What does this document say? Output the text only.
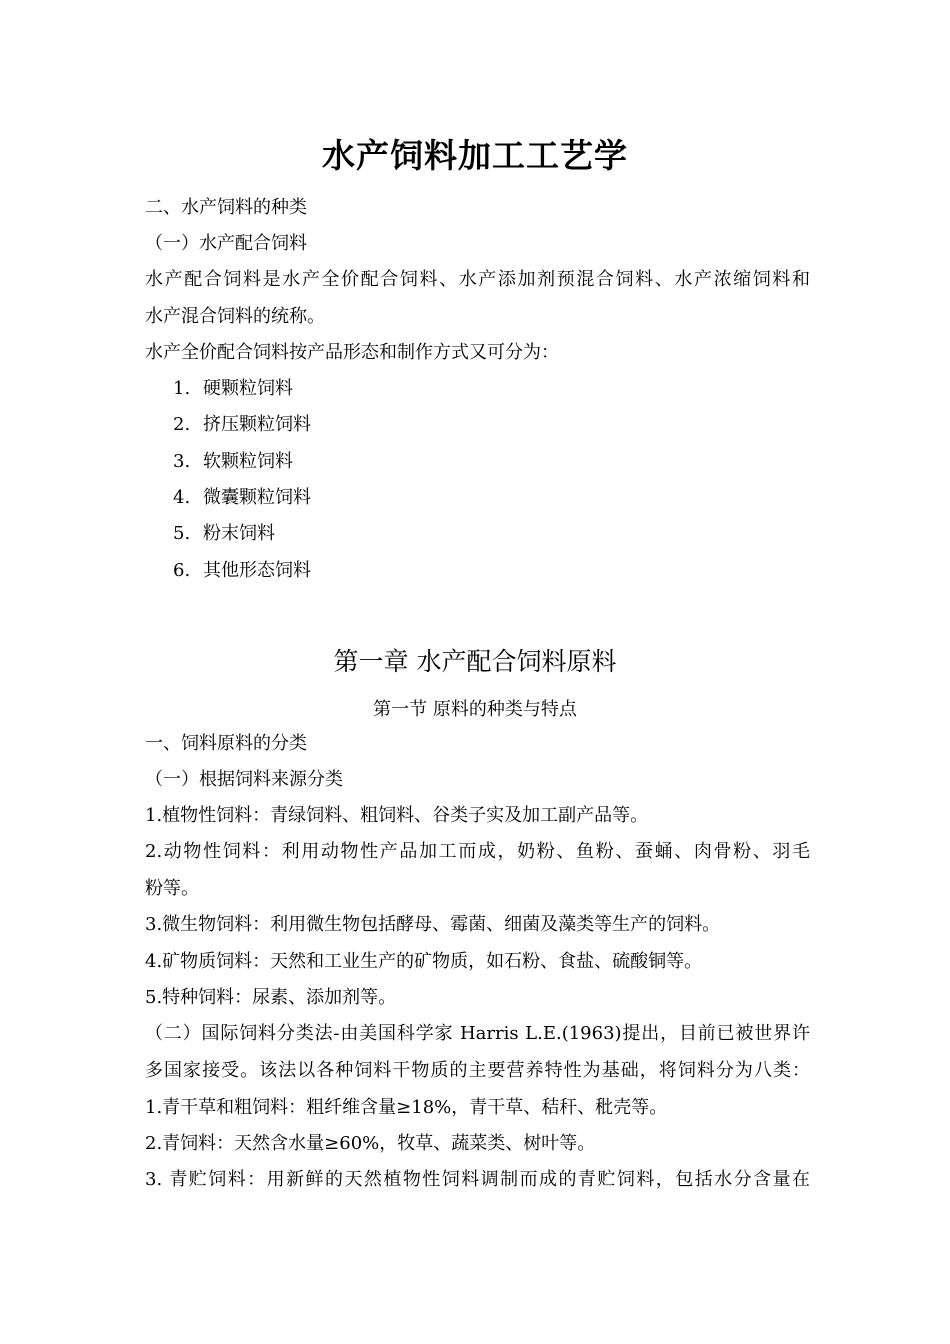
水产饲料加工工艺学
二、水产饲料的种类
（一）水产配合饲料
水产配合饲料是水产全价配合饲料、水产添加剂预混合饲料、水产浓缩饲料和
水产混合饲料的统称。
水产全价配合饲料按产品形态和制作方式又可分为：
1. 硬颗粒饲料
2. 挤压颗粒饲料
3. 软颗粒饲料
4. 微囊颗粒饲料
5. 粉末饲料
6. 其他形态饲料
一、饲料原料的分类
（一）根据饲料来源分类
1.植物性饲料：青绿饲料、粗饲料、谷类子实及加工副产品等。
2.动物性饲料：利用动物性产品加工而成，奶粉、鱼粉、蚕蛹、肉骨粉、羽毛
粉等。
3.微生物饲料：利用微生物包括酵母、霉菌、细菌及藻类等生产的饲料。
4.矿物质饲料：天然和工业生产的矿物质，如石粉、食盐、硫酸铜等。
5.特种饲料：尿素、添加剂等。
（二）国际饲料分类法-由美国科学家 Harris L.E.(1963)提出，目前已被世界许
多国家接受。该法以各种饲料干物质的主要营养特性为基础，将饲料分为八类：
1.青干草和粗饲料：粗纤维含量≥18%，青干草、秸秆、秕壳等。
2.青饲料：天然含水量≥60%，牧草、蔬菜类、树叶等。
3. 青贮饲料：用新鲜的天然植物性饲料调制而成的青贮饲料，包括水分含量在
第一章 水产配合饲料原料
第一节 原料的种类与特点
